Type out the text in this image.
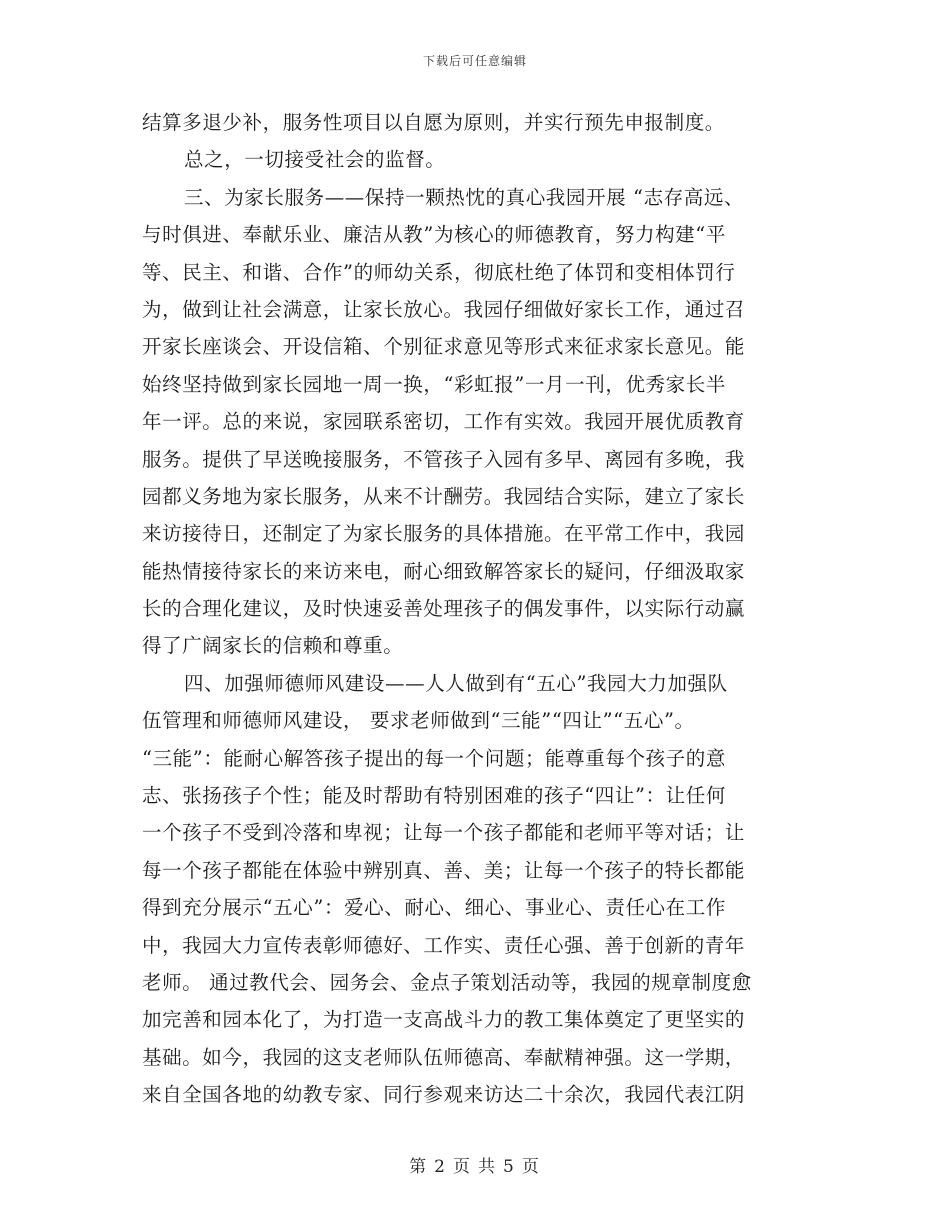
下载后可任意编辑
结算多退少补，服务性项目以自愿为原则，并实行预先申报制度。
总之，一切接受社会的监督。
三、为家长服务——保持一颗热忱的真心我园开展 “志存高远、
与时俱进、奉献乐业、廉洁从教”为核心的师德教育，努力构建“平
等、民主、和谐、合作”的师幼关系，彻底杜绝了体罚和变相体罚行
为，做到让社会满意，让家长放心。我园仔细做好家长工作，通过召
开家长座谈会、开设信箱、个别征求意见等形式来征求家长意见。能
始终坚持做到家长园地一周一换，“彩虹报”一月一刊，优秀家长半
年一评。总的来说，家园联系密切，工作有实效。我园开展优质教育
服务。提供了早送晚接服务，不管孩子入园有多早、离园有多晚，我
园都义务地为家长服务，从来不计酬劳。我园结合实际，建立了家长
来访接待日，还制定了为家长服务的具体措施。在平常工作中，我园
能热情接待家长的来访来电，耐心细致解答家长的疑问，仔细汲取家
长的合理化建议，及时快速妥善处理孩子的偶发事件，以实际行动赢
得了广阔家长的信赖和尊重。
四、加强师德师风建设——人人做到有“五心”我园大力加强队
伍管理和师德师风建设， 要求老师做到“三能”“四让”“五心”。
“三能”：能耐心解答孩子提出的每一个问题；能尊重每个孩子的意
志、张扬孩子个性；能及时帮助有特别困难的孩子“四让”：让任何
一个孩子不受到冷落和卑视；让每一个孩子都能和老师平等对话；让
每一个孩子都能在体验中辨别真、善、美；让每一个孩子的特长都能
得到充分展示“五心”：爱心、耐心、细心、事业心、责任心在工作
中，我园大力宣传表彰师德好、工作实、责任心强、善于创新的青年
老师。 通过教代会、园务会、金点子策划活动等，我园的规章制度愈
加完善和园本化了，为打造一支高战斗力的教工集体奠定了更坚实的
基础。如今，我园的这支老师队伍师德高、奉献精神强。这一学期，
来自全国各地的幼教专家、同行参观来访达二十余次，我园代表江阴
第 2 页 共 5 页
